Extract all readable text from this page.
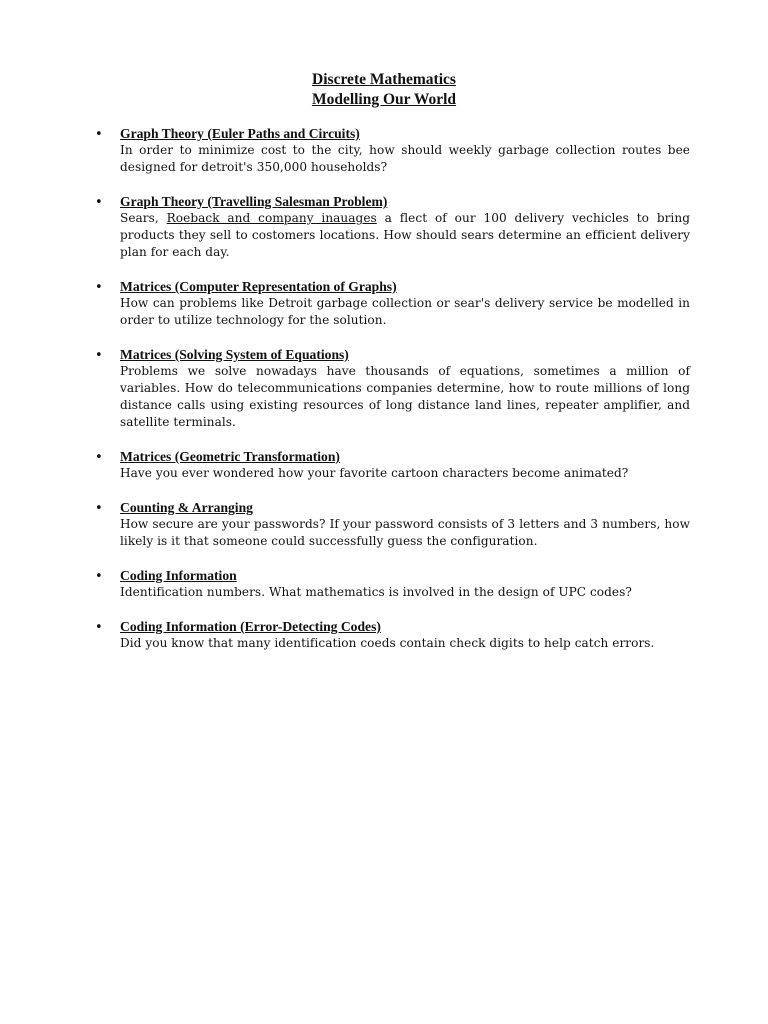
Discrete Mathematics
Modelling Our World
• Graph Theory (Euler Paths and Circuits)

In order to minimize cost to the city, how should weekly garbage collection routes bee designed for detroit's 350,000 households?

• Graph Theory (Travelling Salesman Problem)

Sears, Roeback and company inauages a flect of our 100 delivery vechicles to bring products they sell to costomers locations. How should sears determine an efficient delivery plan for each day.

• Matrices (Computer Representation of Graphs)

How can problems like Detroit garbage collection or sear's delivery service be modelled in order to utilize technology for the solution.

• Matrices (Solving System of Equations)

Problems we solve nowadays have thousands of equations, sometimes a million of variables. How do telecommunications companies determine, how to route millions of long distance calls using existing resources of long distance land lines, repeater amplifier, and satellite terminals.

• Matrices (Geometric Transformation)

Have you ever wondered how your favorite cartoon characters become animated?

• Counting & Arranging

How secure are your passwords? If your password consists of 3 letters and 3 numbers, how likely is it that someone could successfully guess the configuration.

• Coding Information

Identification numbers. What mathematics is involved in the design of UPC codes?

• Coding Information (Error-Detecting Codes)

Did you know that many identification coeds contain check digits to help catch errors.
